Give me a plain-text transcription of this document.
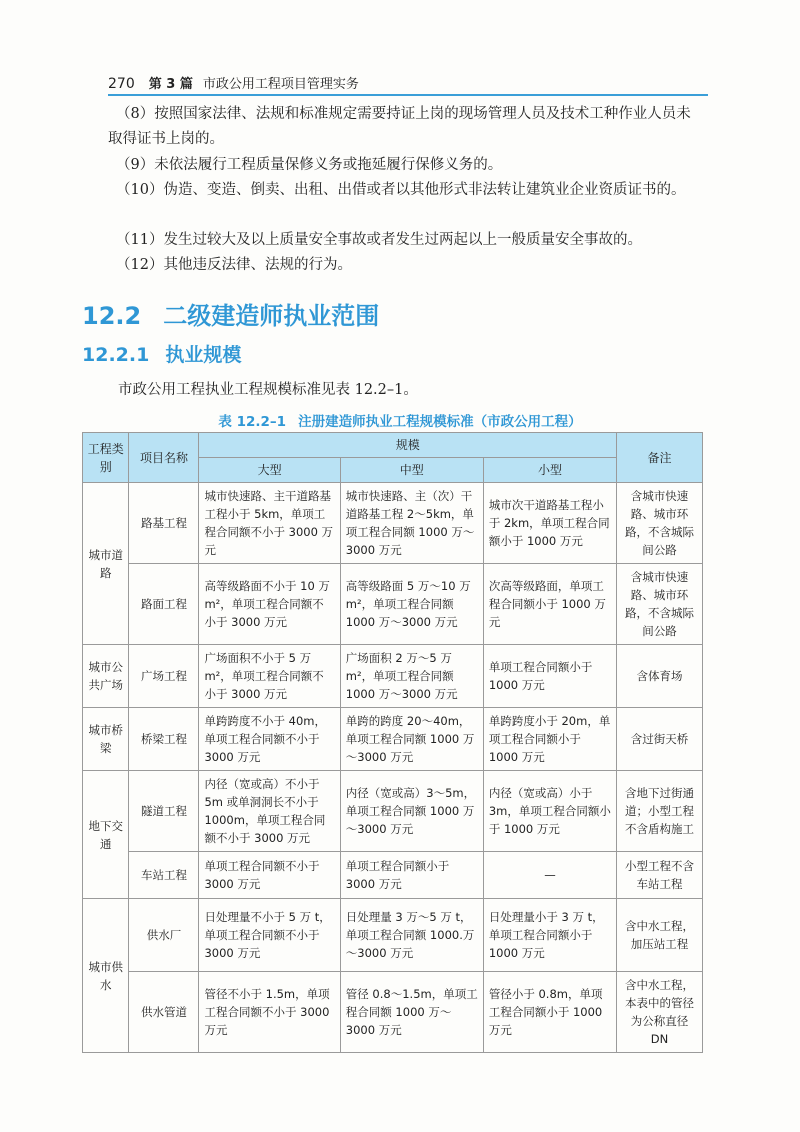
270 第 3 篇 市政公用工程项目管理实务
（8）按照国家法律、法规和标准规定需要持证上岗的现场管理人员及技术工种作业人员未取得证书上岗的。
（9）未依法履行工程质量保修义务或拖延履行保修义务的。
（10）伪造、变造、倒卖、出租、出借或者以其他形式非法转让建筑业企业资质证书的。
（11）发生过较大及以上质量安全事故或者发生过两起以上一般质量安全事故的。
（12）其他违反法律、法规的行为。
12.2 二级建造师执业范围
12.2.1 执业规模
市政公用工程执业工程规模标准见表 12.2–1。
表 12.2–1 注册建造师执业工程规模标准（市政公用工程）
工程类别	项目名称	规模			备注
		大型	中型	小型	
城市道路	路基工程	城市快速路、主干道路基工程小于 5km，单项工程合同额不小于 3000 万元	城市快速路、主（次）干道路基工程 2～5km，单项工程合同额 1000 万～3000 万元	城市次干道路基工程小于 2km，单项工程合同额小于 1000 万元	含城市快速路、城市环路，不含城际间公路
	路面工程	高等级路面不小于 10 万 m²，单项工程合同额不小于 3000 万元	高等级路面 5 万～10 万 m²，单项工程合同额 1000 万～3000 万元	次高等级路面，单项工程合同额小于 1000 万元	含城市快速路、城市环路，不含城际间公路
城市公共广场	广场工程	广场面积不小于 5 万 m²，单项工程合同额不小于 3000 万元	广场面积 2 万～5 万 m²，单项工程合同额 1000 万～3000 万元	单项工程合同额小于 1000 万元	含体育场
城市桥梁	桥梁工程	单跨跨度不小于 40m，单项工程合同额不小于 3000 万元	单跨的跨度 20～40m，单项工程合同额 1000 万～3000 万元	单跨跨度小于 20m，单项工程合同额小于 1000 万元	含过街天桥
地下交通	隧道工程	内径（宽或高）不小于 5m 或单洞洞长不小于 1000m，单项工程合同额不小于 3000 万元	内径（宽或高）3～5m，单项工程合同额 1000 万～3000 万元	内径（宽或高）小于 3m，单项工程合同额小于 1000 万元	含地下过街通道；小型工程不含盾构施工
	车站工程	单项工程合同额不小于 3000 万元	单项工程合同额小于 3000 万元	—	小型工程不含车站工程
城市供水	供水厂	日处理量不小于 5 万 t，单项工程合同额不小于 3000 万元	日处理量 3 万～5 万 t，单项工程合同额 1000.万～3000 万元	日处理量小于 3 万 t，单项工程合同额小于 1000 万元	含中水工程，加压站工程
	供水管道	管径不小于 1.5m，单项工程合同额不小于 3000 万元	管径 0.8～1.5m，单项工程合同额 1000 万～3000 万元	管径小于 0.8m，单项工程合同额小于 1000 万元	含中水工程，本表中的管径为公称直径 DN
